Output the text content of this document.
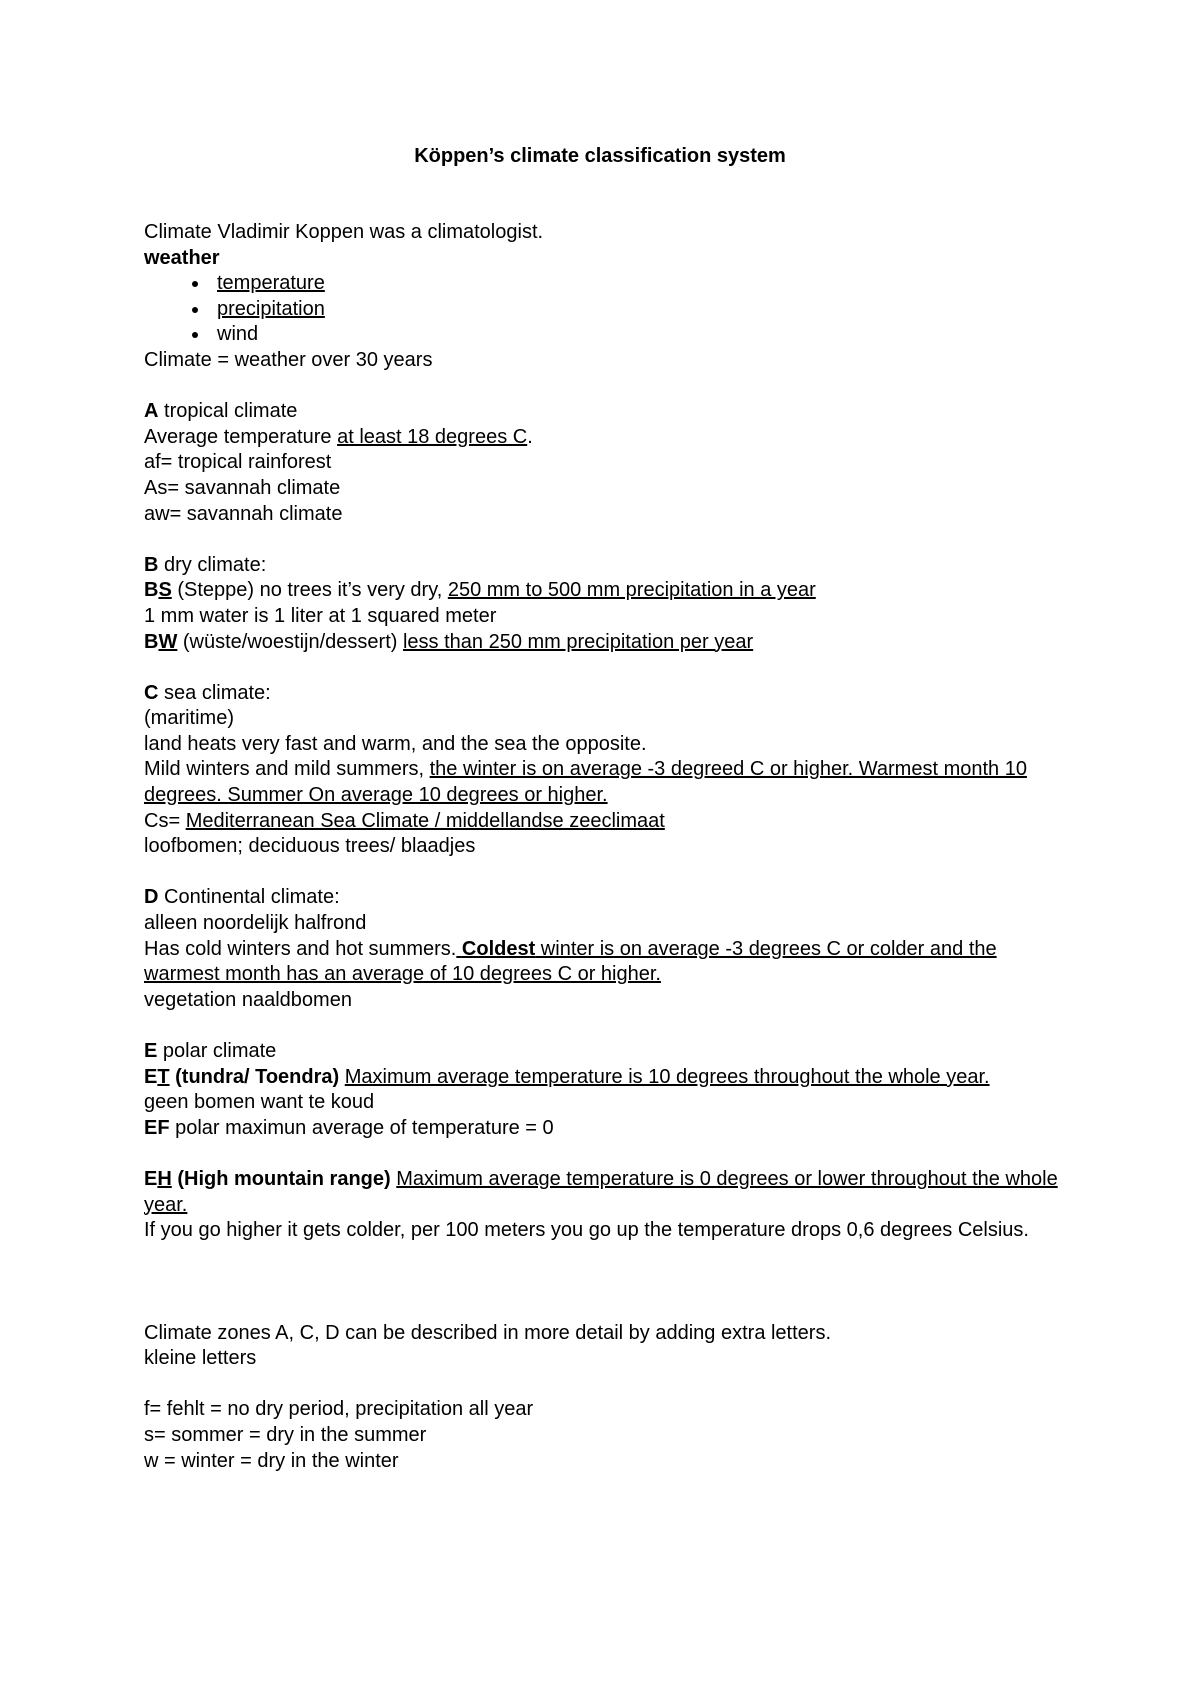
Köppen’s climate classification system
Climate Vladimir Koppen was a climatologist.
weather
temperature
precipitation
wind
Climate = weather over 30 years
A tropical climate
Average temperature at least 18 degrees C.
af= tropical rainforest
As= savannah climate
aw= savannah climate
B dry climate:
BS (Steppe) no trees it’s very dry, 250 mm to 500 mm precipitation in a year
1 mm water is 1 liter at 1 squared meter
BW (wüste/woestijn/dessert) less than 250 mm precipitation per year
C sea climate:
(maritime)
land heats very fast and warm, and the sea the opposite.
Mild winters and mild summers, the winter is on average -3 degreed C or higher. Warmest month 10 degrees. Summer On average 10 degrees or higher.
Cs= Mediterranean Sea Climate / middellandse zeeclimaat
loofbomen; deciduous trees/ blaadjes
D Continental climate:
alleen noordelijk halfrond
Has cold winters and hot summers. Coldest winter is on average -3 degrees C or colder and the warmest month has an average of 10 degrees C or higher.
vegetation naaldbomen
E polar climate
ET (tundra/ Toendra) Maximum average temperature is 10 degrees throughout the whole year.
geen bomen want te koud
EF polar maximun average of temperature = 0
EH (High mountain range) Maximum average temperature is 0 degrees or lower throughout the whole year.
If you go higher it gets colder, per 100 meters you go up the temperature drops 0,6 degrees Celsius.
Climate zones A, C, D can be described in more detail by adding extra letters.
kleine letters
f= fehlt = no dry period, precipitation all year
s= sommer = dry in the summer
w = winter = dry in the winter
